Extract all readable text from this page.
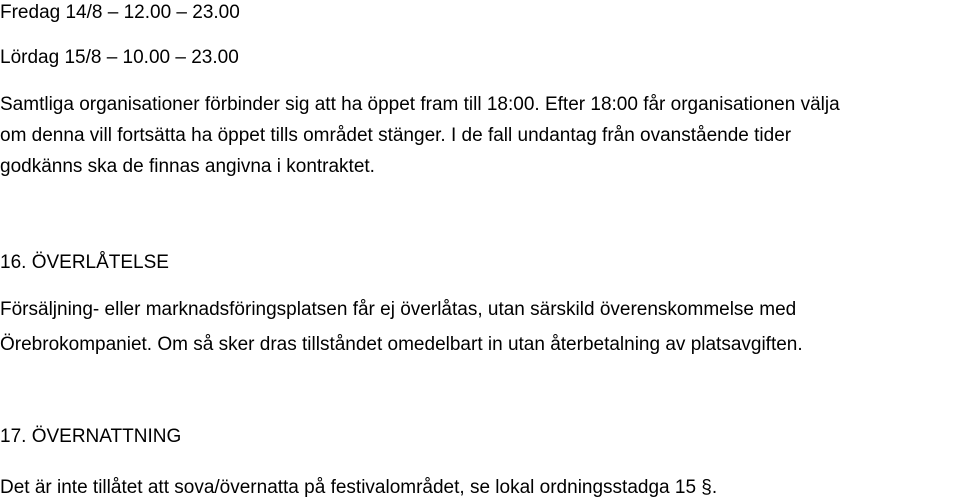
Fredag 14/8 – 12.00 – 23.00
Lördag 15/8 – 10.00 – 23.00
Samtliga organisationer förbinder sig att ha öppet fram till 18:00. Efter 18:00 får organisationen välja
om denna vill fortsätta ha öppet tills området stänger. I de fall undantag från ovanstående tider
godkänns ska de finnas angivna i kontraktet.
16. ÖVERLÅTELSE
Försäljning- eller marknadsföringsplatsen får ej överlåtas, utan särskild överenskommelse med
Örebrokompaniet. Om så sker dras tillståndet omedelbart in utan återbetalning av platsavgiften.
17. ÖVERNATTNING
Det är inte tillåtet att sova/övernatta på festivalområdet, se lokal ordningsstadga 15 §.
